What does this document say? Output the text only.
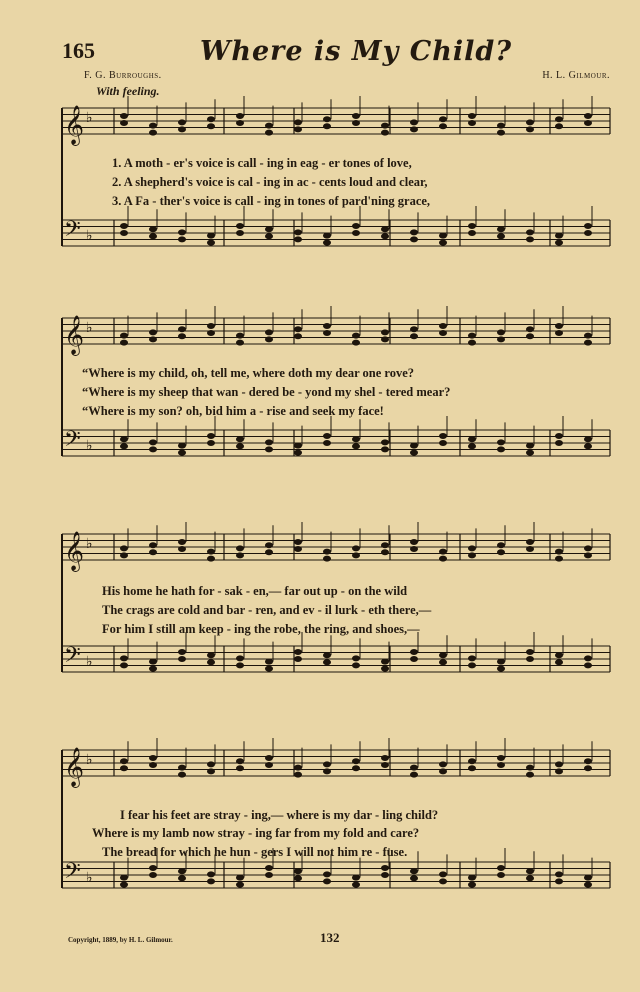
165	Where is My Child?
F. G. Burroughs.	H. L. Gilmour.
With feeling.
𝄞 ♭
𝄢 ♭
1. A moth - er's voice is call - ing in eag - er tones of love,
2. A shepherd's voice is cal - ing in ac - cents loud and clear,
3. A Fa - ther's voice is call - ing in tones of pard'ning grace,
𝄞 ♭
𝄢 ♭
“Where is my child, oh, tell me, where doth my dear one rove?
“Where is my sheep that wan - dered be - yond my shel - tered mear?
“Where is my son? oh, bid him a - rise and seek my face!
𝄞 ♭
𝄢 ♭
His home he hath for - sak - en,— far out up - on the wild
The crags are cold and bar - ren, and ev - il lurk - eth there,—
For him I still am keep - ing the robe, the ring, and shoes,—
𝄞 ♭
𝄢 ♭
I fear his feet are stray - ing,— where is my dar - ling child?
Where is my lamb now stray - ing far from my fold and care?
The bread for which he hun - gers I will not him re - fuse.
Copyright, 1889, by H. L. Gilmour.	132
